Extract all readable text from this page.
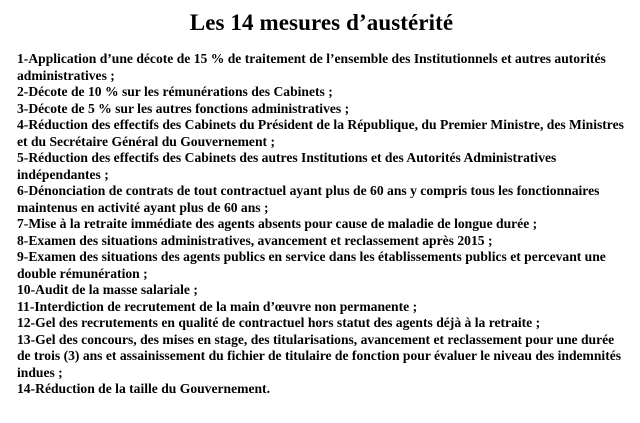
Les 14 mesures d’austérité

1-Application d’une décote de 15 % de traitement de l’ensemble des Institutionnels et autres autorités administratives ;

2-Décote de 10 % sur les rémunérations des Cabinets ;

3-Décote de 5 % sur les autres fonctions administratives ;

4-Réduction des effectifs des Cabinets du Président de la République, du Premier Ministre, des Ministres et du Secrétaire Général du Gouvernement ;

5-Réduction des effectifs des Cabinets des autres Institutions et des Autorités Administratives indépendantes ;

6-Dénonciation de contrats de tout contractuel ayant plus de 60 ans y compris tous les fonctionnaires maintenus en activité ayant plus de 60 ans ;

7-Mise à la retraite immédiate des agents absents pour cause de maladie de longue durée ;

8-Examen des situations administratives, avancement et reclassement après 2015 ;

9-Examen des situations des agents publics en service dans les établissements publics et percevant une double rémunération ;

10-Audit de la masse salariale ;

11-Interdiction de recrutement de la main d’œuvre non permanente ;

12-Gel des recrutements en qualité de contractuel hors statut des agents déjà à la retraite ;

13-Gel des concours, des mises en stage, des titularisations, avancement et reclassement pour une durée de trois (3) ans et assainissement du fichier de titulaire de fonction pour évaluer le niveau des indemnités indues ;

14-Réduction de la taille du Gouvernement.
